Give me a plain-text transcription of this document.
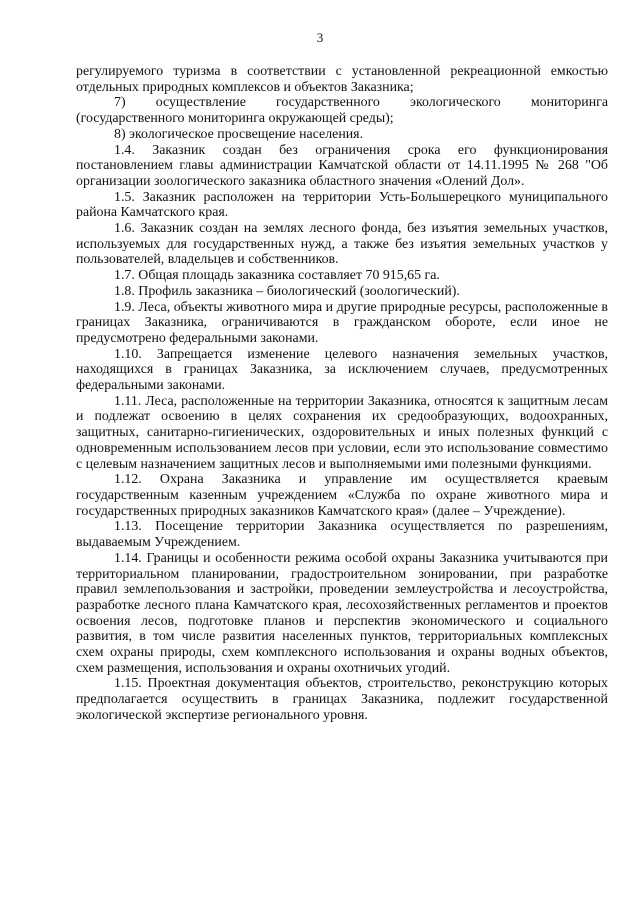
3

регулируемого туризма в соответствии с установленной рекреационной емкостью отдельных природных комплексов и объектов Заказника;

7) осуществление государственного экологического мониторинга (государственного мониторинга окружающей среды);

8) экологическое просвещение населения.

1.4. Заказник создан без ограничения срока его функционирования постановлением главы администрации Камчатской области от 14.11.1995 № 268 "Об организации зоологического заказника областного значения «Олений Дол».

1.5. Заказник расположен на территории Усть-Большерецкого муниципального района Камчатского края.

1.6. Заказник создан на землях лесного фонда, без изъятия земельных участков, используемых для государственных нужд, а также без изъятия земельных участков у пользователей, владельцев и собственников.

1.7. Общая площадь заказника составляет 70 915,65 га.

1.8. Профиль заказника – биологический (зоологический).

1.9. Леса, объекты животного мира и другие природные ресурсы, расположенные в границах Заказника, ограничиваются в гражданском обороте, если иное не предусмотрено федеральными законами.

1.10. Запрещается изменение целевого назначения земельных участков, находящихся в границах Заказника, за исключением случаев, предусмотренных федеральными законами.

1.11. Леса, расположенные на территории Заказника, относятся к защитным лесам и подлежат освоению в целях сохранения их средообразующих, водоохранных, защитных, санитарно-гигиенических, оздоровительных и иных полезных функций с одновременным использованием лесов при условии, если это использование совместимо с целевым назначением защитных лесов и выполняемыми ими полезными функциями.

1.12. Охрана Заказника и управление им осуществляется краевым государственным казенным учреждением «Служба по охране животного мира и государственных природных заказников Камчатского края» (далее – Учреждение).

1.13. Посещение территории Заказника осуществляется по разрешениям, выдаваемым Учреждением.

1.14. Границы и особенности режима особой охраны Заказника учитываются при территориальном планировании, градостроительном зонировании, при разработке правил землепользования и застройки, проведении землеустройства и лесоустройства, разработке лесного плана Камчатского края, лесохозяйственных регламентов и проектов освоения лесов, подготовке планов и перспектив экономического и социального развития, в том числе развития населенных пунктов, территориальных комплексных схем охраны природы, схем комплексного использования и охраны водных объектов, схем размещения, использования и охраны охотничьих угодий.

1.15. Проектная документация объектов, строительство, реконструкцию которых предполагается осуществить в границах Заказника, подлежит государственной экологической экспертизе регионального уровня.
